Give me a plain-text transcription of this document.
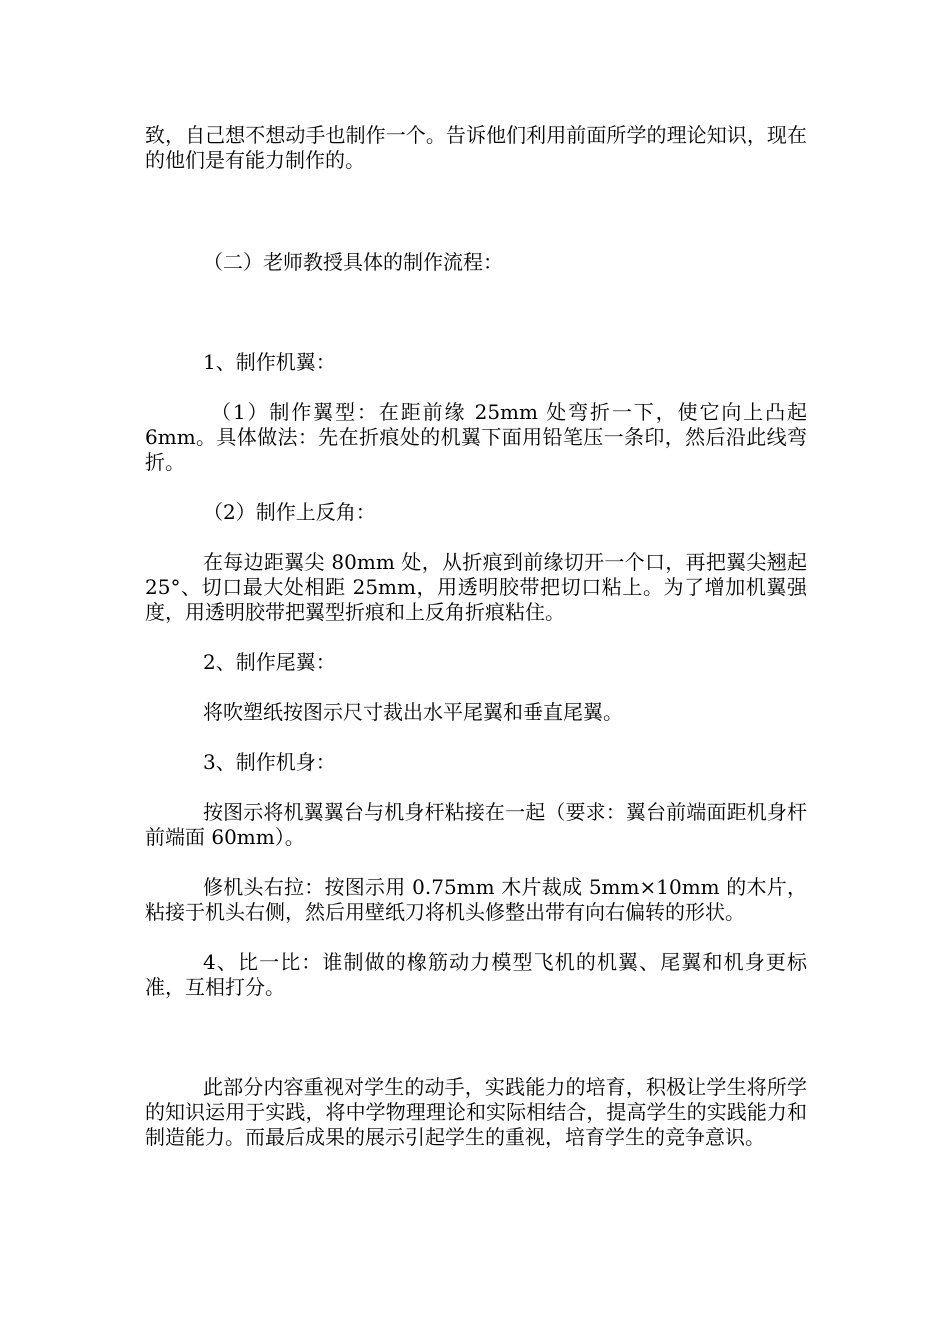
致，自己想不想动手也制作一个。告诉他们利用前面所学的理论知识，现在的他们是有能力制作的。

（二）老师教授具体的制作流程：

1、制作机翼：

（1）制作翼型：在距前缘 25mm 处弯折一下，使它向上凸起 6mm。具体做法：先在折痕处的机翼下面用铅笔压一条印，然后沿此线弯折。

（2）制作上反角：

在每边距翼尖 80mm 处，从折痕到前缘切开一个口，再把翼尖翘起 25°、切口最大处相距 25mm，用透明胶带把切口粘上。为了增加机翼强度，用透明胶带把翼型折痕和上反角折痕粘住。

2、制作尾翼：

将吹塑纸按图示尺寸裁出水平尾翼和垂直尾翼。

3、制作机身：

按图示将机翼翼台与机身杆粘接在一起（要求：翼台前端面距机身杆前端面 60mm）。

修机头右拉：按图示用 0.75mm 木片裁成 5mm×10mm 的木片，粘接于机头右侧，然后用壁纸刀将机头修整出带有向右偏转的形状。

4、比一比：谁制做的橡筋动力模型飞机的机翼、尾翼和机身更标准，互相打分。

此部分内容重视对学生的动手，实践能力的培育，积极让学生将所学的知识运用于实践，将中学物理理论和实际相结合，提高学生的实践能力和制造能力。而最后成果的展示引起学生的重视，培育学生的竞争意识。
